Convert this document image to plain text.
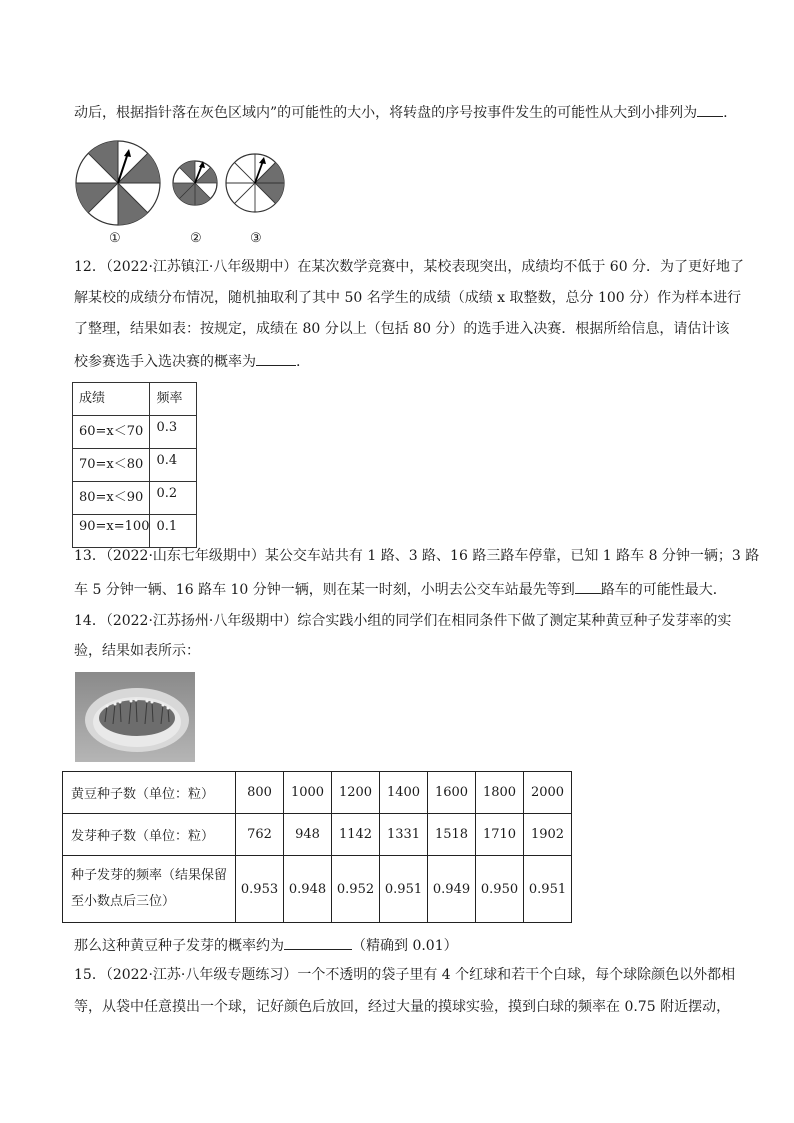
动后，根据指针落在灰色区域内”的可能性的大小，将转盘的序号按事件发生的可能性从大到小排列为 .
①	②	③
12．（2022·江苏镇江·八年级期中）在某次数学竞赛中，某校表现突出，成绩均不低于 60 分．为了更好地了
解某校的成绩分布情况，随机抽取利了其中 50 名学生的成绩（成绩 x 取整数，总分 100 分）作为样本进行
了整理，结果如表：按规定，成绩在 80 分以上（包括 80 分）的选手进入决赛．根据所给信息，请估计该
校参赛选手入选决赛的概率为	.
成绩	频率
60=x＜70	0.3
70=x＜80	0.4
80=x＜90	0.2
90=x=100	0.1
13．（2022·山东七年级期中）某公交车站共有 1 路、3 路、16 路三路车停靠，已知 1 路车 8 分钟一辆；3 路
车 5 分钟一辆、16 路车 10 分钟一辆，则在某一时刻，小明去公交车站最先等到 路车的可能性最大．
14．（2022·江苏扬州·八年级期中）综合实践小组的同学们在相同条件下做了测定某种黄豆种子发芽率的实
验，结果如表所示：
黄豆种子数（单位：粒）	800	1000	1200	1400	1600	1800	2000
发芽种子数（单位：粒）	762	948	1142	1331	1518	1710	1902
种子发芽的频率（结果保留至小数点后三位）	0.953	0.948	0.952	0.951	0.949	0.950	0.951
那么这种黄豆种子发芽的概率约为	（精确到 0.01）
15．（2022·江苏·八年级专题练习）一个不透明的袋子里有 4 个红球和若干个白球，每个球除颜色以外都相
等，从袋中任意摸出一个球，记好颜色后放回，经过大量的摸球实验，摸到白球的频率在 0.75 附近摆动，
